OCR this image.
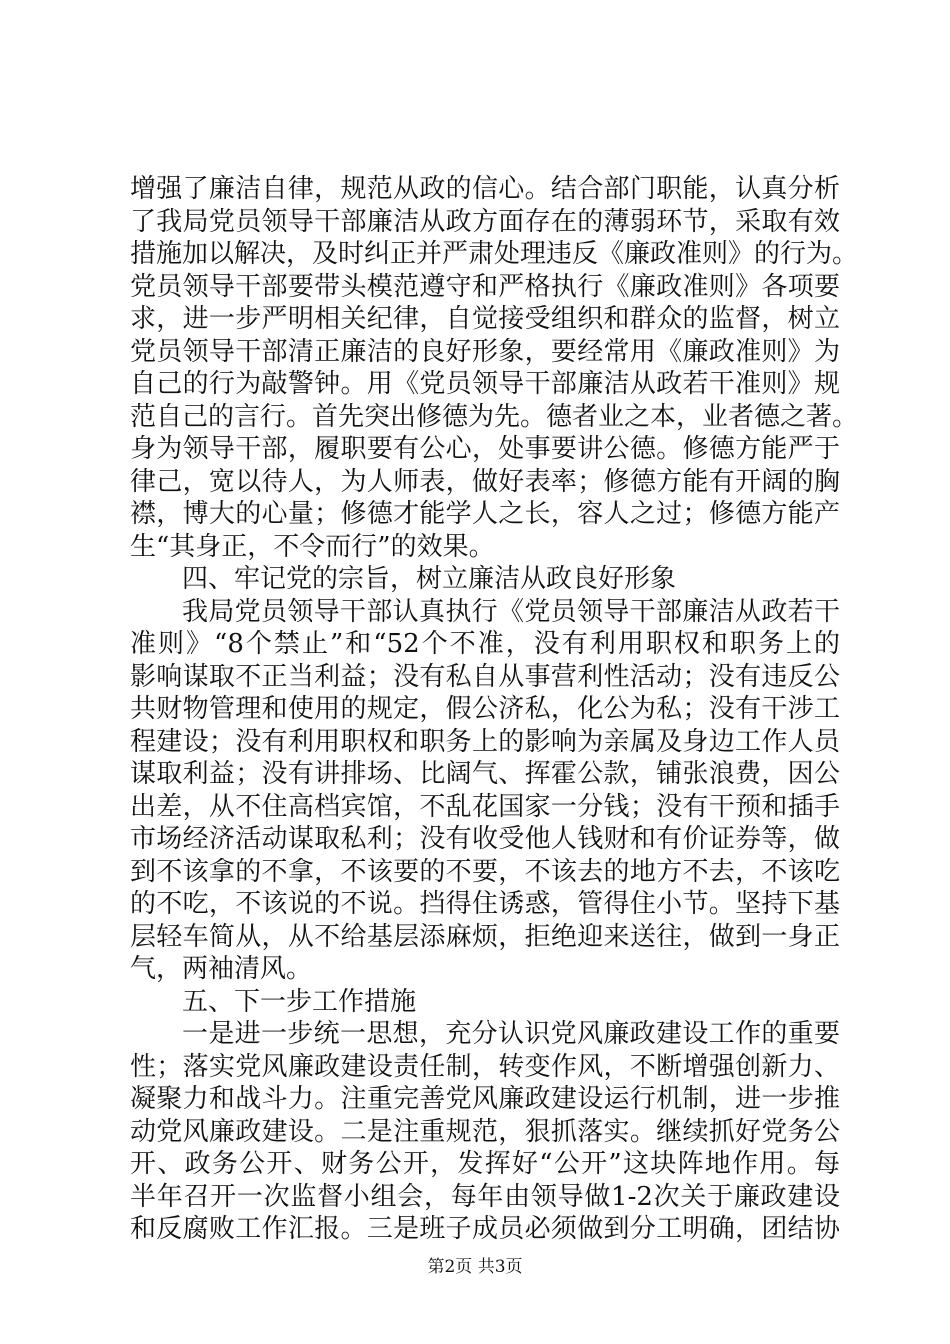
增强了廉洁自律，规范从政的信心。结合部门职能，认真分析
了我局党员领导干部廉洁从政方面存在的薄弱环节，采取有效
措施加以解决，及时纠正并严肃处理违反《廉政准则》的行为。
党员领导干部要带头模范遵守和严格执行《廉政准则》各项要
求，进一步严明相关纪律，自觉接受组织和群众的监督，树立
党员领导干部清正廉洁的良好形象，要经常用《廉政准则》为
自己的行为敲警钟。用《党员领导干部廉洁从政若干准则》规
范自己的言行。首先突出修德为先。德者业之本，业者德之著。
身为领导干部，履职要有公心，处事要讲公德。修德方能严于
律己，宽以待人，为人师表，做好表率；修德方能有开阔的胸
襟，博大的心量；修德才能学人之长，容人之过；修德方能产
生“其身正，不令而行”的效果。
四、牢记党的宗旨，树立廉洁从政良好形象
我局党员领导干部认真执行《党员领导干部廉洁从政若干
准则》“8个禁止”和“52个不准，没有利用职权和职务上的
影响谋取不正当利益；没有私自从事营利性活动；没有违反公
共财物管理和使用的规定，假公济私，化公为私；没有干涉工
程建设；没有利用职权和职务上的影响为亲属及身边工作人员
谋取利益；没有讲排场、比阔气、挥霍公款，铺张浪费，因公
出差，从不住高档宾馆，不乱花国家一分钱；没有干预和插手
市场经济活动谋取私利；没有收受他人钱财和有价证券等，做
到不该拿的不拿，不该要的不要，不该去的地方不去，不该吃
的不吃，不该说的不说。挡得住诱惑，管得住小节。坚持下基
层轻车简从，从不给基层添麻烦，拒绝迎来送往，做到一身正
气，两袖清风。
五、下一步工作措施
一是进一步统一思想，充分认识党风廉政建设工作的重要
性；落实党风廉政建设责任制，转变作风，不断增强创新力、
凝聚力和战斗力。注重完善党风廉政建设运行机制，进一步推
动党风廉政建设。二是注重规范，狠抓落实。继续抓好党务公
开、政务公开、财务公开，发挥好“公开”这块阵地作用。每
半年召开一次监督小组会，每年由领导做1-2次关于廉政建设
和反腐败工作汇报。三是班子成员必须做到分工明确，团结协
第2页 共3页
